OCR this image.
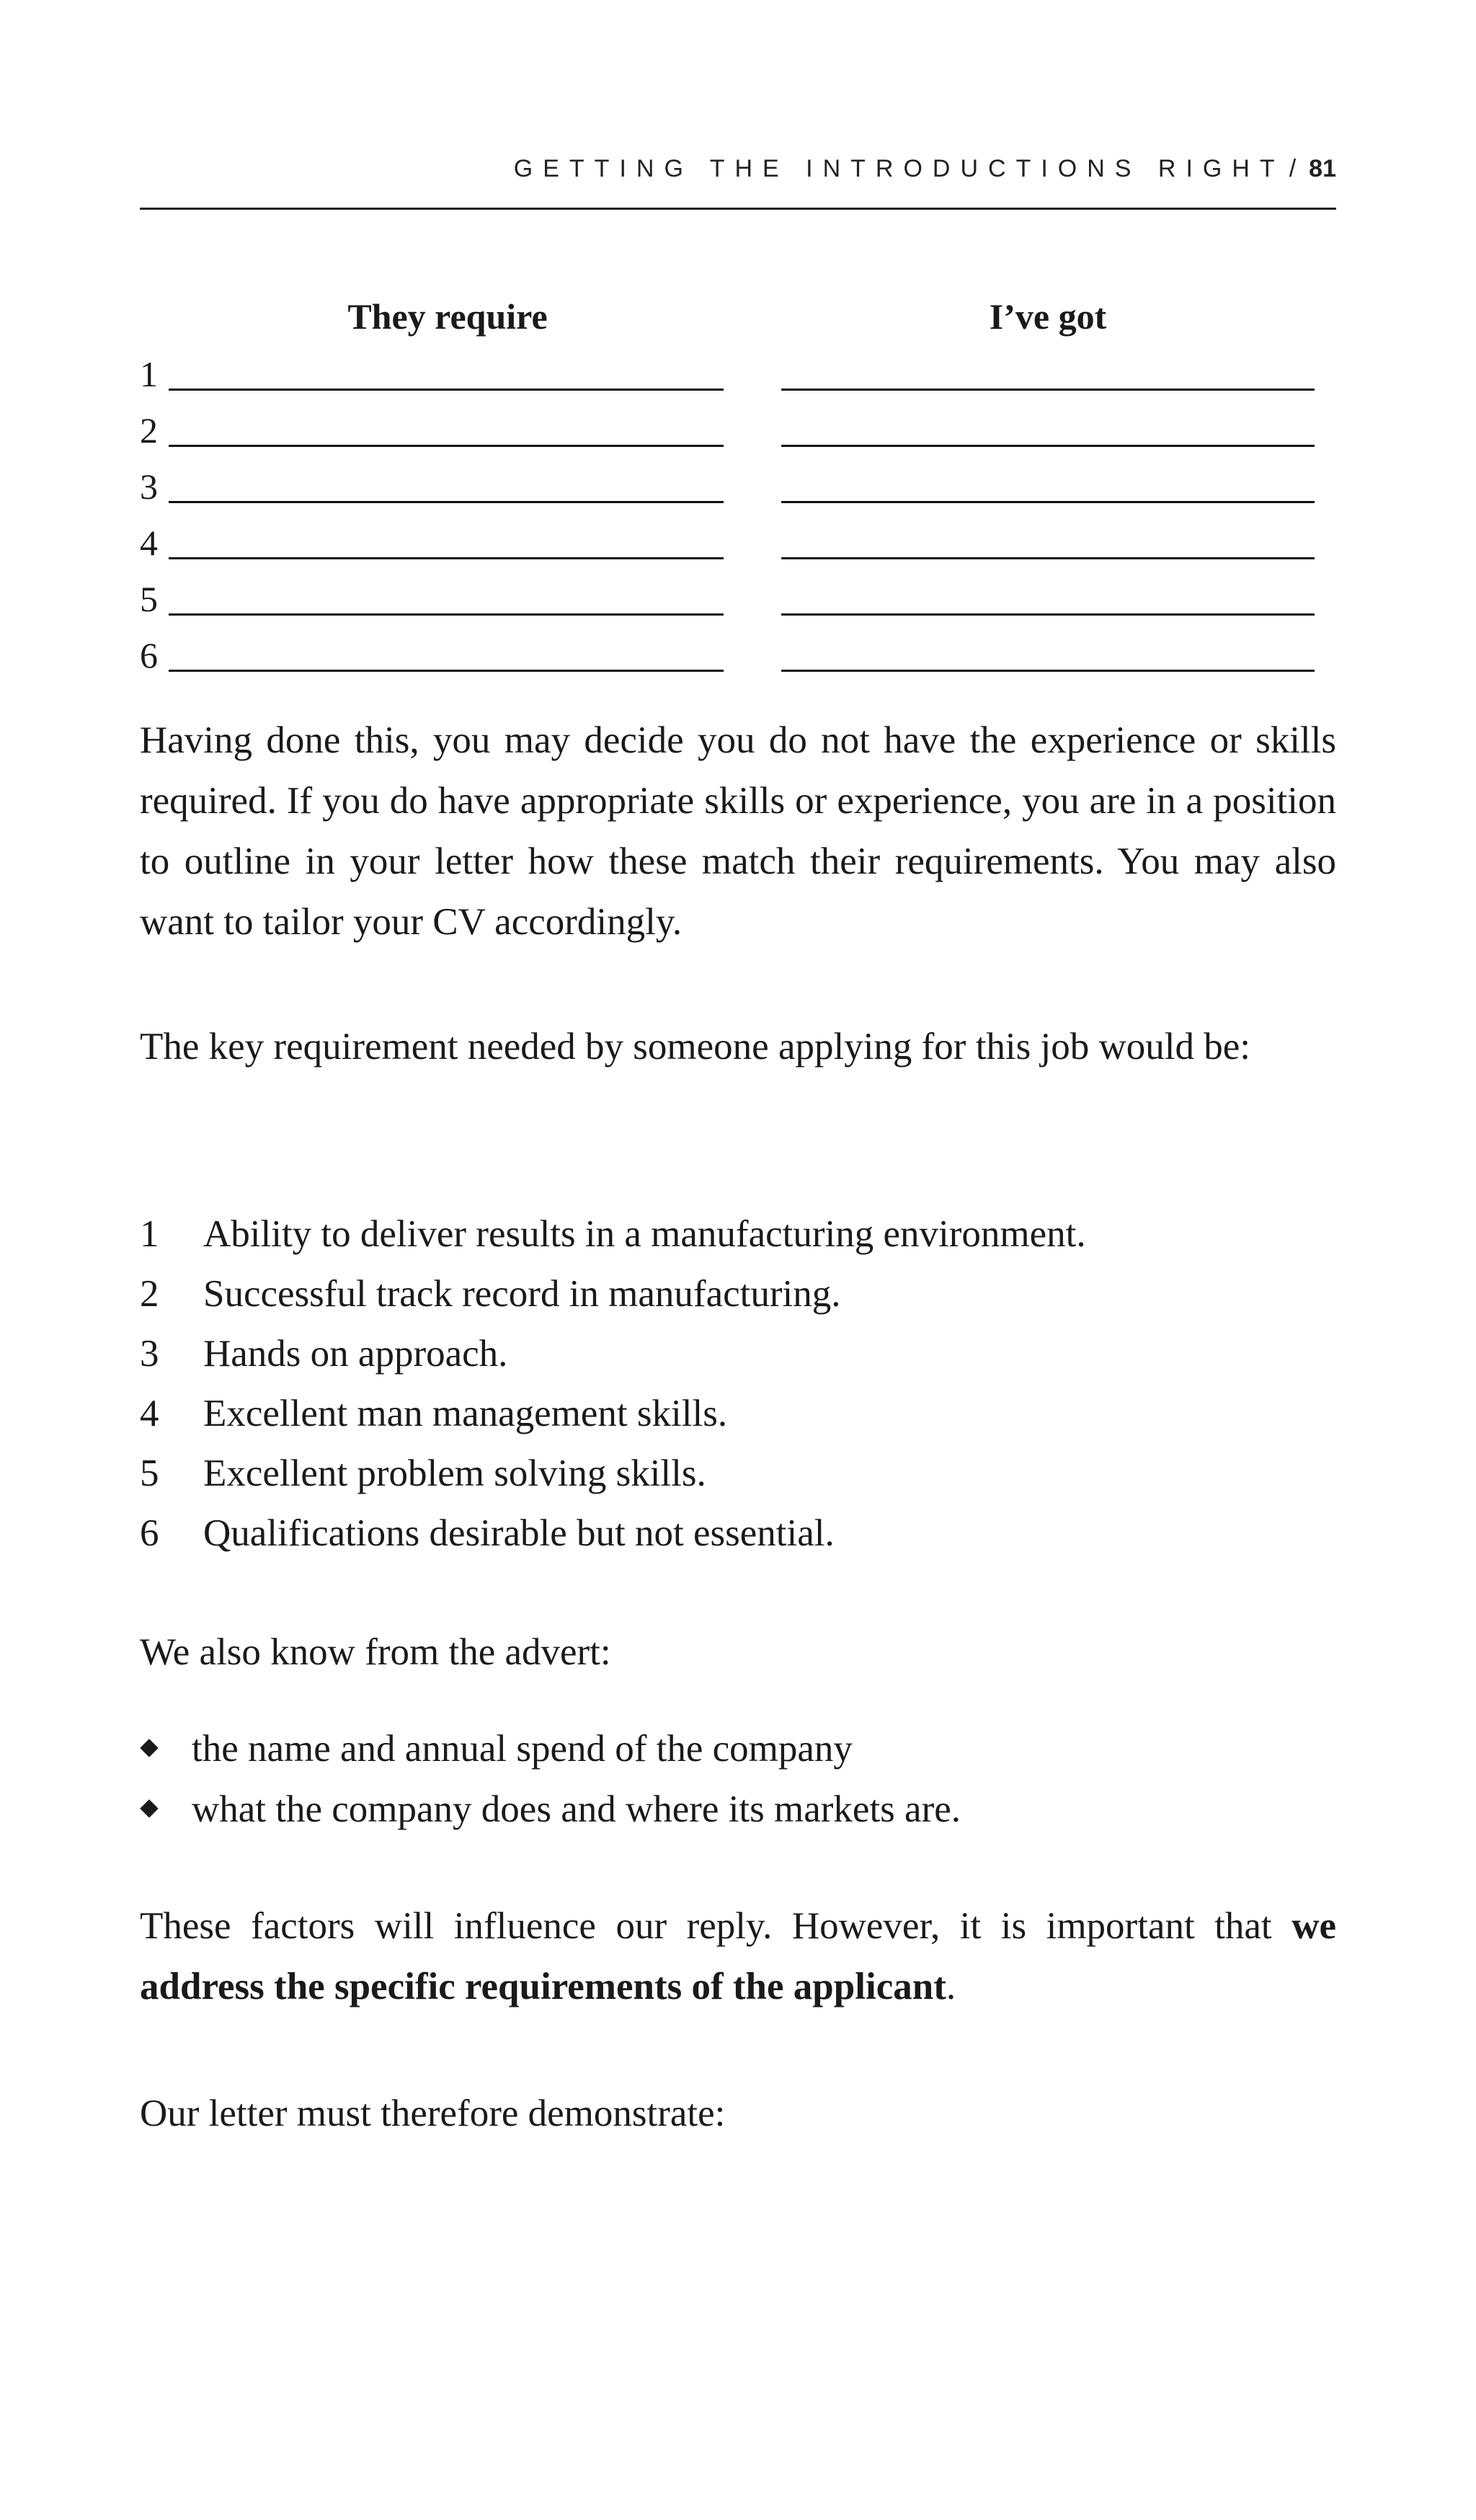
GETTING THE INTRODUCTIONS RIGHT / 81
They require	I’ve got
1
2
3
4
5
6

Having done this, you may decide you do not have the experience or skills required. If you do have appropriate skills or experience, you are in a position to outline in your letter how these match their requirements. You may also want to tailor your CV accordingly.

The key requirement needed by someone applying for this job would be:

1 Ability to deliver results in a manufacturing environment.
2 Successful track record in manufacturing.
3 Hands on approach.
4 Excellent man management skills.
5 Excellent problem solving skills.
6 Qualifications desirable but not essential.

We also know from the advert:

the name and annual spend of the company
what the company does and where its markets are.

These factors will influence our reply. However, it is important that we address the specific requirements of the applicant.

Our letter must therefore demonstrate:
